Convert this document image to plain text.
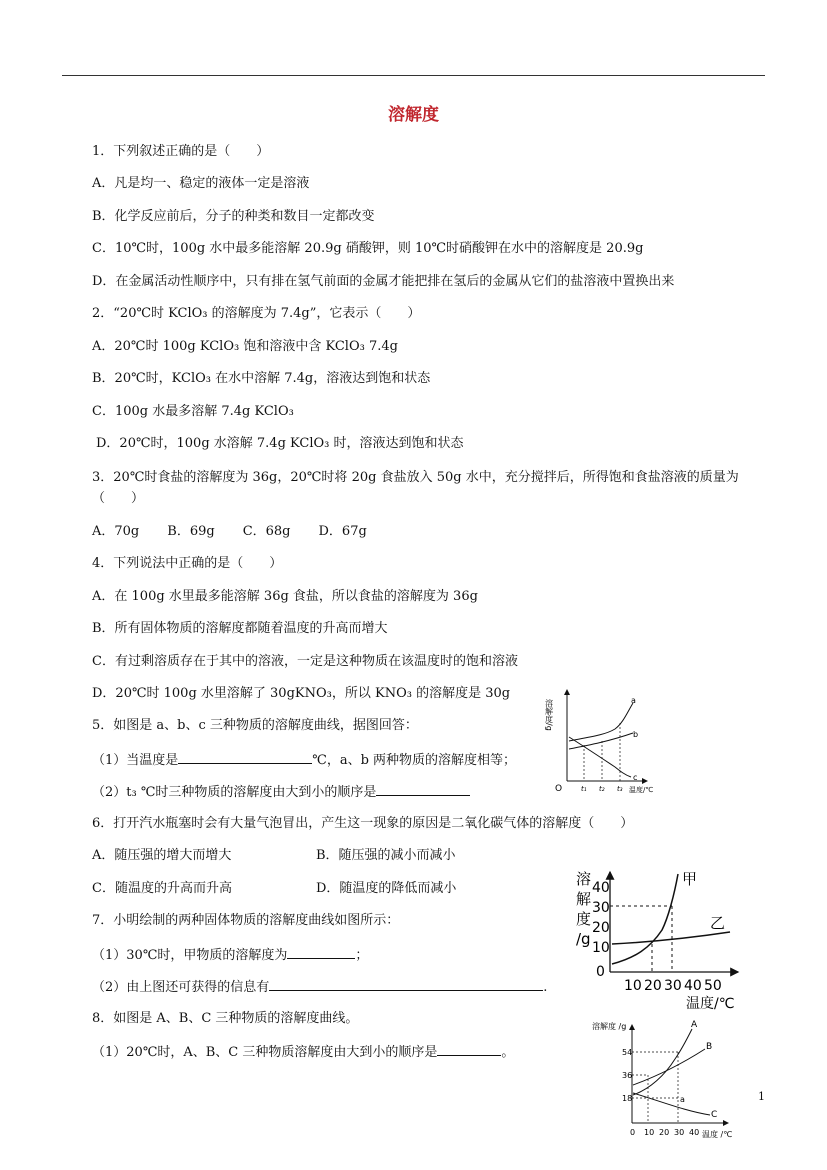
溶解度
1．下列叙述正确的是（　　）
A．凡是均一、稳定的液体一定是溶液
B．化学反应前后，分子的种类和数目一定都改变
C．10℃时，100g 水中最多能溶解 20.9g 硝酸钾，则 10℃时硝酸钾在水中的溶解度是 20.9g
D．在金属活动性顺序中，只有排在氢气前面的金属才能把排在氢后的金属从它们的盐溶液中置换出来
2．“20℃时 KClO₃ 的溶解度为 7.4g”，它表示（　　）
A．20℃时 100g KClO₃ 饱和溶液中含 KClO₃ 7.4g
B．20℃时，KClO₃ 在水中溶解 7.4g，溶液达到饱和状态
C．100g 水最多溶解 7.4g KClO₃
D．20℃时，100g 水溶解 7.4g KClO₃ 时，溶液达到饱和状态
3．20℃时食盐的溶解度为 36g，20℃时将 20g 食盐放入 50g 水中，充分搅拌后，所得饱和食盐溶液的质量为（　　）
A．70g B．69g C．68g D．67g
4．下列说法中正确的是（　　）
A．在 100g 水里最多能溶解 36g 食盐，所以食盐的溶解度为 36g
B．所有固体物质的溶解度都随着温度的升高而增大
C．有过剩溶质存在于其中的溶液，一定是这种物质在该温度时的饱和溶液
D．20℃时 100g 水里溶解了 30gKNO₃，所以 KNO₃ 的溶解度是 30g
5．如图是 a、b、c 三种物质的溶解度曲线，据图回答：
（1）当温度是	℃，a、b 两种物质的溶解度相等；
（2）t₃ ℃时三种物质的溶解度由大到小的顺序是
6．打开汽水瓶塞时会有大量气泡冒出，产生这一现象的原因是二氧化碳气体的溶解度（　　）
A．随压强的增大而增大	B．随压强的减小而减小
C．随温度的升高而升高	D．随温度的降低而减小
7．小明绘制的两种固体物质的溶解度曲线如图所示：
（1）30℃时，甲物质的溶解度为	；
（2）由上图还可获得的信息有	.
8．如图是 A、B、C 三种物质的溶解度曲线。
（1）20℃时，A、B、C 三种物质溶解度由大到小的顺序是	。
1
溶解度/g
O
a
b
c
t₁ t₂ t₃ 温度/℃
溶
解
度
/g
40
30
20
10
0
10 20 30 40 50
温度/℃
甲
乙
溶解度 /g
54
36
18
0 10 20 30 40 温度 /℃
A
B
C
a
